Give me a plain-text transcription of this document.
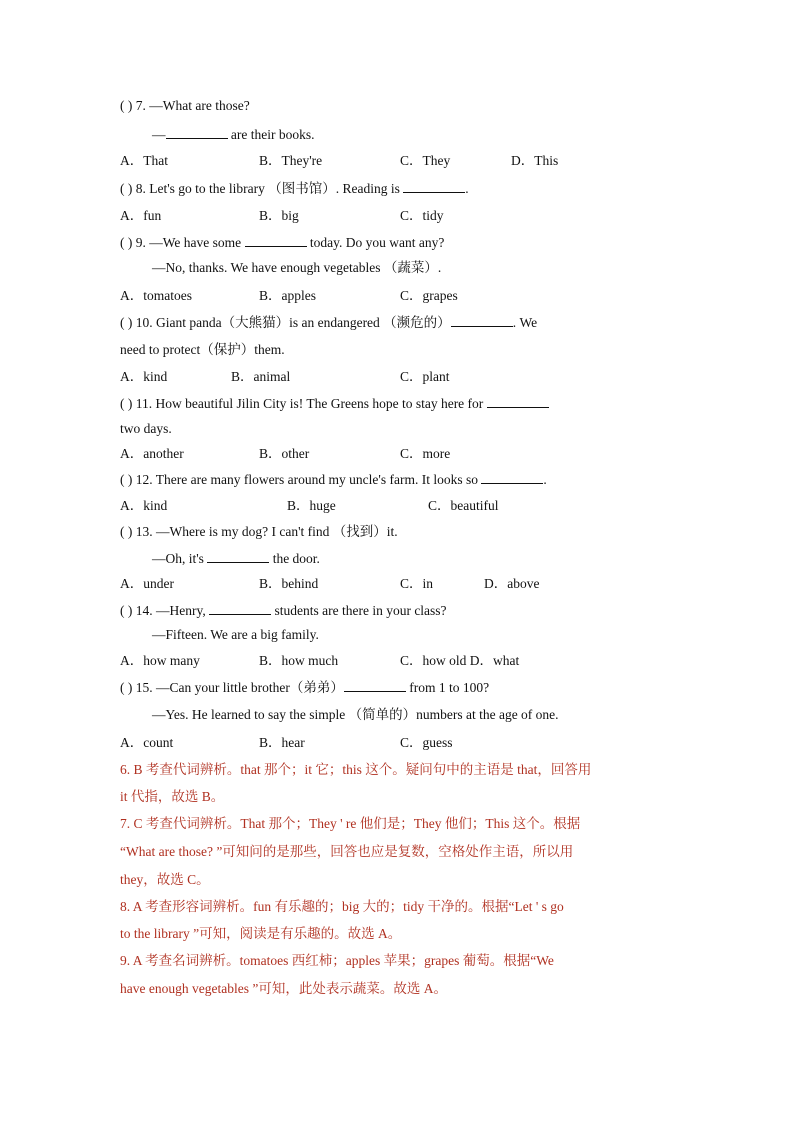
( ) 7. —What are those?
—	are their books.
A．That	B．They're	C．They	D．This
( ) 8. Let's go to the library （图书馆）. Reading is	.
A．fun	B．big	C．tidy
( ) 9. —We have some	today. Do you want any?
—No, thanks. We have enough vegetables （蔬菜）.
A．tomatoes	B．apples	C．grapes
( ) 10. Giant panda（大熊猫）is an endangered （濒危的）	. We
need to protect（保护）them.
A．kind	B．animal	C．plant
( ) 11. How beautiful Jilin City is! The Greens hope to stay here for
two days.
A．another	B．other	C．more
( ) 12. There are many flowers around my uncle's farm. It looks so	.
A．kind	B．huge	C．beautiful
( ) 13. —Where is my dog? I can't find （找到）it.
—Oh, it's	the door.
A．under	B．behind	C．in	D．above
( ) 14. —Henry,	students are there in your class?
—Fifteen. We are a big family.
A．how many	B．how much	C．how old D．what
( ) 15. —Can your little brother（弟弟）	from 1 to 100?
—Yes. He learned to say the simple （简单的）numbers at the age of one.
A．count	B．hear	C．guess
6. B 考查代词辨析。that 那个；it 它；this 这个。疑问句中的主语是 that，回答用
it 代指，故选 B。
7. C 考查代词辨析。That 那个；They ' re 他们是；They 他们；This 这个。根据
“What are those? ”可知问的是那些，回答也应是复数，空格处作主语，所以用
they，故选 C。
8. A 考查形容词辨析。fun 有乐趣的；big 大的；tidy 干净的。根据“Let ' s go
to the library ”可知，阅读是有乐趣的。故选 A。
9. A 考查名词辨析。tomatoes 西红柿；apples 苹果；grapes 葡萄。根据“We
have enough vegetables ”可知，此处表示蔬菜。故选 A。
